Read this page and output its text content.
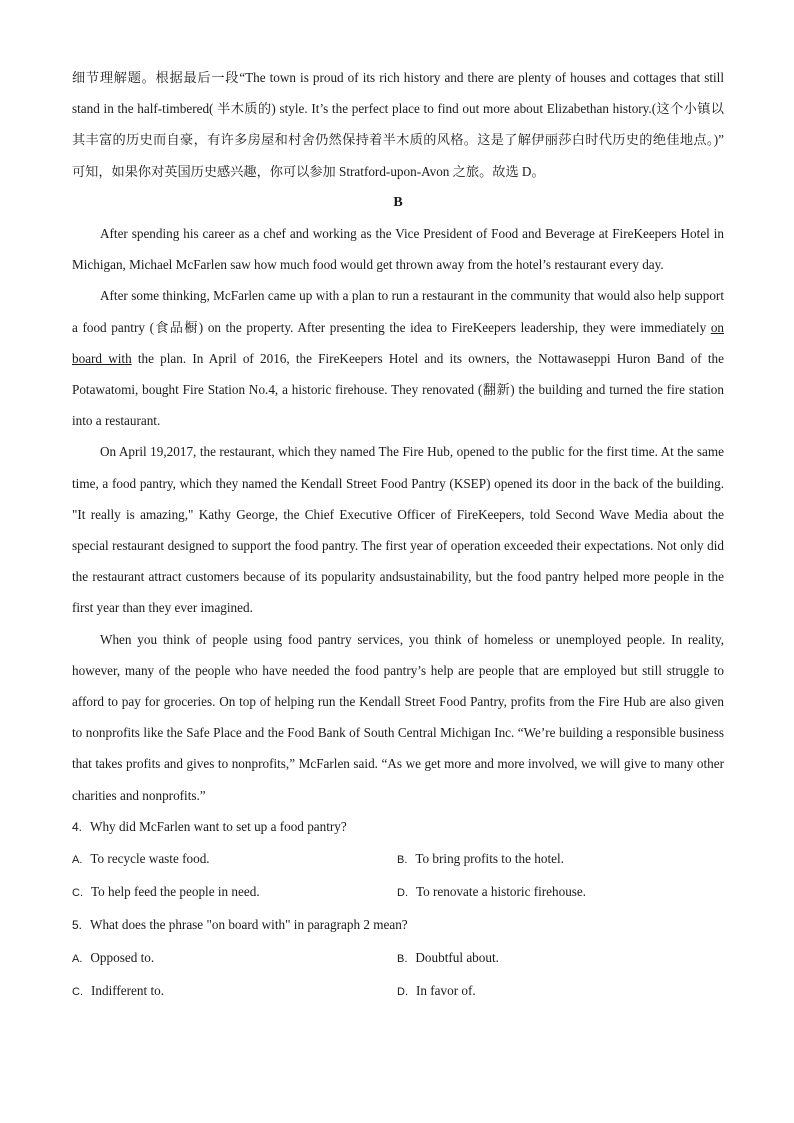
细节理解题。根据最后一段“The town is proud of its rich history and there are plenty of houses and cottages that still stand in the half-timbered( 半木质的) style. It’s the perfect place to find out more about Elizabethan history.(这个小镇以其丰富的历史而自豪，有许多房屋和村舍仍然保持着半木质的风格。这是了解伊丽莎白时代历史的绝佳地点。)” 可知，如果你对英国历史感兴趣，你可以参加 Stratford-upon-Avon 之旅。故选 D。

B

After spending his career as a chef and working as the Vice President of Food and Beverage at FireKeepers Hotel in Michigan, Michael McFarlen saw how much food would get thrown away from the hotel’s restaurant every day.

After some thinking, McFarlen came up with a plan to run a restaurant in the community that would also help support a food pantry (食品橱) on the property. After presenting the idea to FireKeepers leadership, they were immediately on board with the plan. In April of 2016, the FireKeepers Hotel and its owners, the Nottawaseppi Huron Band of the Potawatomi, bought Fire Station No.4, a historic firehouse. They renovated (翻新) the building and turned the fire station into a restaurant.

On April 19,2017, the restaurant, which they named The Fire Hub, opened to the public for the first time. At the same time, a food pantry, which they named the Kendall Street Food Pantry (KSEP) opened its door in the back of the building. "It really is amazing," Kathy George, the Chief Executive Officer of FireKeepers, told Second Wave Media about the special restaurant designed to support the food pantry. The first year of operation exceeded their expectations. Not only did the restaurant attract customers because of its popularity andsustainability, but the food pantry helped more people in the first year than they ever imagined.

When you think of people using food pantry services, you think of homeless or unemployed people. In reality, however, many of the people who have needed the food pantry’s help are people that are employed but still struggle to afford to pay for groceries. On top of helping run the Kendall Street Food Pantry, profits from the Fire Hub are also given to nonprofits like the Safe Place and the Food Bank of South Central Michigan Inc. “We’re building a responsible business that takes profits and gives to nonprofits,” McFarlen said. “As we get more and more involved, we will give to many other charities and nonprofits.”

4. Why did McFarlen want to set up a food pantry?

A. To recycle waste food.	B. To bring profits to the hotel.
C. To help feed the people in need.	D. To renovate a historic firehouse.

5. What does the phrase "on board with" in paragraph 2 mean?

A. Opposed to.	B. Doubtful about.
C. Indifferent to.	D. In favor of.
